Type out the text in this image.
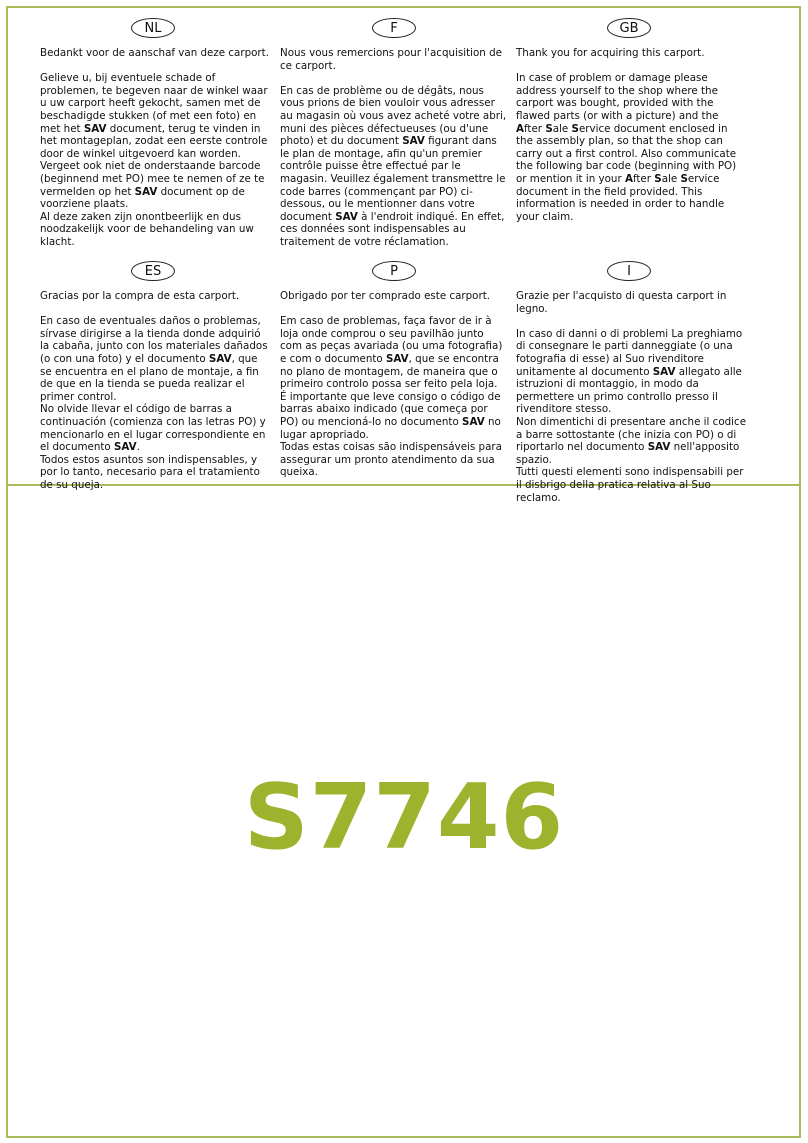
NL	F	GB

Bedankt voor de aanschaf van deze carport.

Gelieve u, bij eventuele schade of problemen, te begeven naar de winkel waar u uw carport heeft gekocht, samen met de beschadigde stukken (of met een foto) en met het SAV document, terug te vinden in het montageplan, zodat een eerste controle door de winkel uitgevoerd kan worden.

Vergeet ook niet de onderstaande barcode (beginnend met PO) mee te nemen of ze te vermelden op het SAV document op de voorziene plaats.

Al deze zaken zijn onontbeerlijk en dus noodzakelijk voor de behandeling van uw klacht.

Nous vous remercions pour l'acquisition de ce carport.

En cas de problème ou de dégâts, nous vous prions de bien vouloir vous adresser au magasin où vous avez acheté votre abri, muni des pièces défectueuses (ou d'une photo) et du document SAV figurant dans le plan de montage, afin qu'un premier contrôle puisse être effectué par le magasin. Veuillez également transmettre le code barres (commençant par PO) ci-dessous, ou le mentionner dans votre document SAV à l'endroit indiqué. En effet, ces données sont indispensables au traitement de votre réclamation.

Thank you for acquiring this carport.

In case of problem or damage please address yourself to the shop where the carport was bought, provided with the flawed parts (or with a picture) and the After Sale Service document enclosed in the assembly plan, so that the shop can carry out a first control. Also communicate the following bar code (beginning with PO) or mention it in your After Sale Service document in the field provided. This information is needed in order to handle your claim.

ES	P	I

Gracias por la compra de esta carport.

En caso de eventuales daños o problemas, sírvase dirigirse a la tienda donde adquirió la cabaña, junto con los materiales dañados (o con una foto) y el documento SAV, que se encuentra en el plano de montaje, a fin de que en la tienda se pueda realizar el primer control.

No olvide llevar el código de barras a continuación (comienza con las letras PO) y mencionarlo en el lugar correspondiente en el documento SAV.

Todos estos asuntos son indispensables, y por lo tanto, necesario para el tratamiento de su queja.

Obrigado por ter comprado este carport.

Em caso de problemas, faça favor de ir à loja onde comprou o seu pavilhão junto com as peças avariada (ou uma fotografia) e com o documento SAV, que se encontra no plano de montagem, de maneira que o primeiro controlo possa ser feito pela loja.

É importante que leve consigo o código de barras abaixo indicado (que começa por PO) ou mencioná-lo no documento SAV no lugar apropriado.

Todas estas coisas são indispensáveis para assegurar um pronto atendimento da sua queixa.

Grazie per l'acquisto di questa carport in legno.

In caso di danni o di problemi La preghiamo di consegnare le parti danneggiate (o una fotografia di esse) al Suo rivenditore unitamente al documento SAV allegato alle istruzioni di montaggio, in modo da permettere un primo controllo presso il rivenditore stesso.

Non dimentichi di presentare anche il codice a barre sottostante (che inizia con PO) o di riportarlo nel documento SAV nell'apposito spazio.

Tutti questi elementi sono indispensabili per il disbrigo della pratica relativa al Suo reclamo.

S7746
